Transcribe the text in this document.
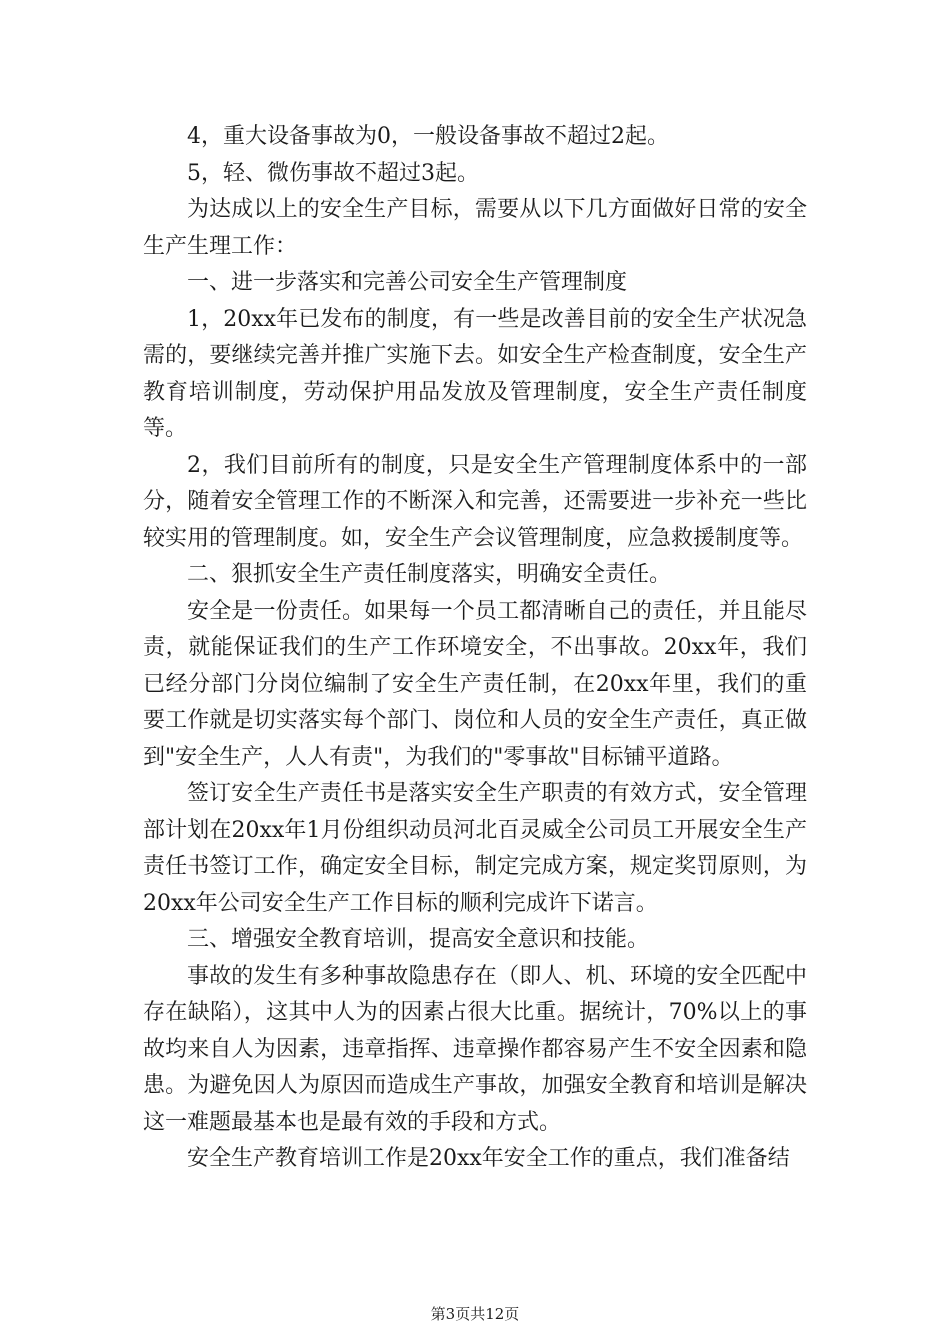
4，重大设备事故为0，一般设备事故不超过2起。

5，轻、微伤事故不超过3起。

为达成以上的安全生产目标，需要从以下几方面做好日常的安全生产生理工作：

一、进一步落实和完善公司安全生产管理制度

1，20xx年已发布的制度，有一些是改善目前的安全生产状况急需的，要继续完善并推广实施下去。如安全生产检查制度，安全生产教育培训制度，劳动保护用品发放及管理制度，安全生产责任制度等。

2，我们目前所有的制度，只是安全生产管理制度体系中的一部分，随着安全管理工作的不断深入和完善，还需要进一步补充一些比较实用的管理制度。如，安全生产会议管理制度，应急救援制度等。

二、狠抓安全生产责任制度落实，明确安全责任。

安全是一份责任。如果每一个员工都清晰自己的责任，并且能尽责，就能保证我们的生产工作环境安全，不出事故。20xx年，我们已经分部门分岗位编制了安全生产责任制，在20xx年里，我们的重要工作就是切实落实每个部门、岗位和人员的安全生产责任，真正做到"安全生产，人人有责"，为我们的"零事故"目标铺平道路。

签订安全生产责任书是落实安全生产职责的有效方式，安全管理部计划在20xx年1月份组织动员河北百灵威全公司员工开展安全生产责任书签订工作，确定安全目标，制定完成方案，规定奖罚原则，为20xx年公司安全生产工作目标的顺利完成许下诺言。

三、增强安全教育培训，提高安全意识和技能。

事故的发生有多种事故隐患存在（即人、机、环境的安全匹配中存在缺陷），这其中人为的因素占很大比重。据统计，70%以上的事故均来自人为因素，违章指挥、违章操作都容易产生不安全因素和隐患。为避免因人为原因而造成生产事故，加强安全教育和培训是解决这一难题最基本也是最有效的手段和方式。

安全生产教育培训工作是20xx年安全工作的重点，我们准备结

第3页共12页
